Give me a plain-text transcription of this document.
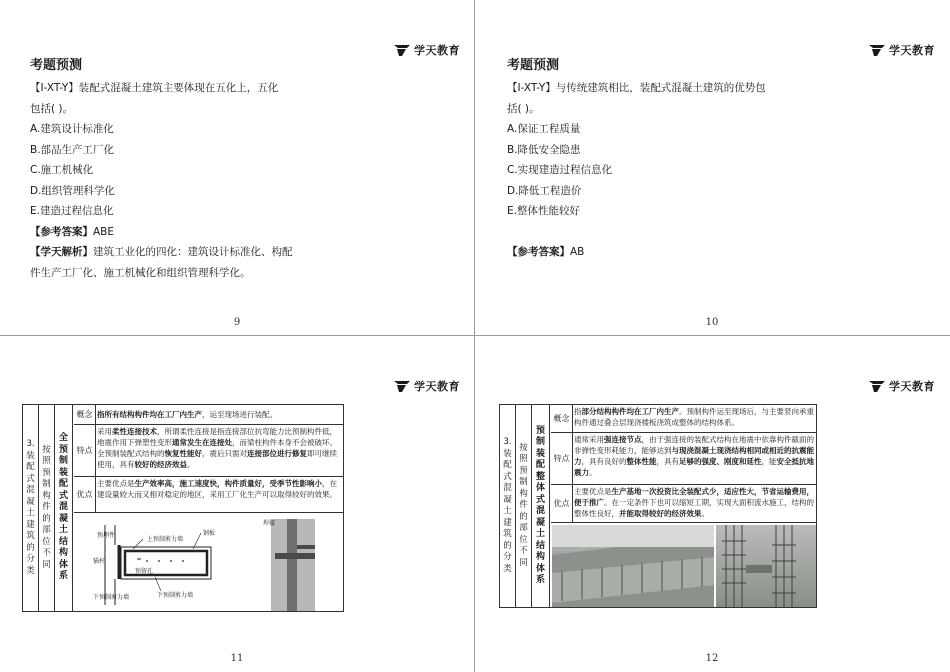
学天教育
考题预测

【Ⅰ-XT-Y】装配式混凝土建筑主要体现在五化上，五化

包括( )。

A.建筑设计标准化

B.部品生产工厂化

C.施工机械化

D.组织管理科学化

E.建造过程信息化

【参考答案】ABE

【学天解析】建筑工业化的四化：建筑设计标准化、构配

件生产工厂化、施工机械化和组织管理科学化。

9
学天教育
考题预测

【Ⅰ-XT-Y】与传统建筑相比，装配式混凝土建筑的优势包

括( )。

A.保证工程质量

B.降低安全隐患

C.实现建造过程信息化

D.降低工程造价

E.整体性能较好

【参考答案】AB

10
学天教育
3.装配式混凝土建筑的分类
按照预制构件的部位不同
全预制装配式混凝土结构体系
概念 指所有结构构件均在工厂内生产，运至现场进行装配。
特点
采用柔性连接技术，所谓柔性连接是指连接部位抗弯能力比预制构件低，地震作用下弹塑性变形通常发生在连接处，而梁柱构件本身不会被破坏。全预制装配式结构的恢复性能好，震后只需对连接部位进行修复即可继续使用，具有较好的经济效益。
优点
主要优点是生产效率高，施工速度快，构件质量好，受季节性影响小，在建设量较大而又相对稳定的地区，采用工厂化生产可以取得较好的效果。
预埋件
上预制剪力墙
钢板
锚杆
预留孔
下预制剪力墙
下预制剪力墙
焊接
11
学天教育
3.装配式混凝土建筑的分类
按照预制构件的部位不同
预制装配整体式混凝土结构体系
概念
指部分结构构件均在工厂内生产。预制构件运至现场后，与主要竖向承重构件通过叠合层现浇楼板浇筑成整体的结构体系。
特点
通常采用强连接节点，由于强连接的装配式结构在地震中依靠构件截面的非弹性变形耗能力，能够达到与现浇混凝土现浇结构相同或相近的抗震能力，具有良好的整体性能，具有足够的强度、刚度和延性，能安全抵抗地震力。
优点
主要优点是生产基地一次投资比全装配式少，适应性大，节省运输费用，便于推广。在一定条件下也可以缩短工期，实现大面积流水施工，结构的整体性良好，并能取得较好的经济效果。
12
